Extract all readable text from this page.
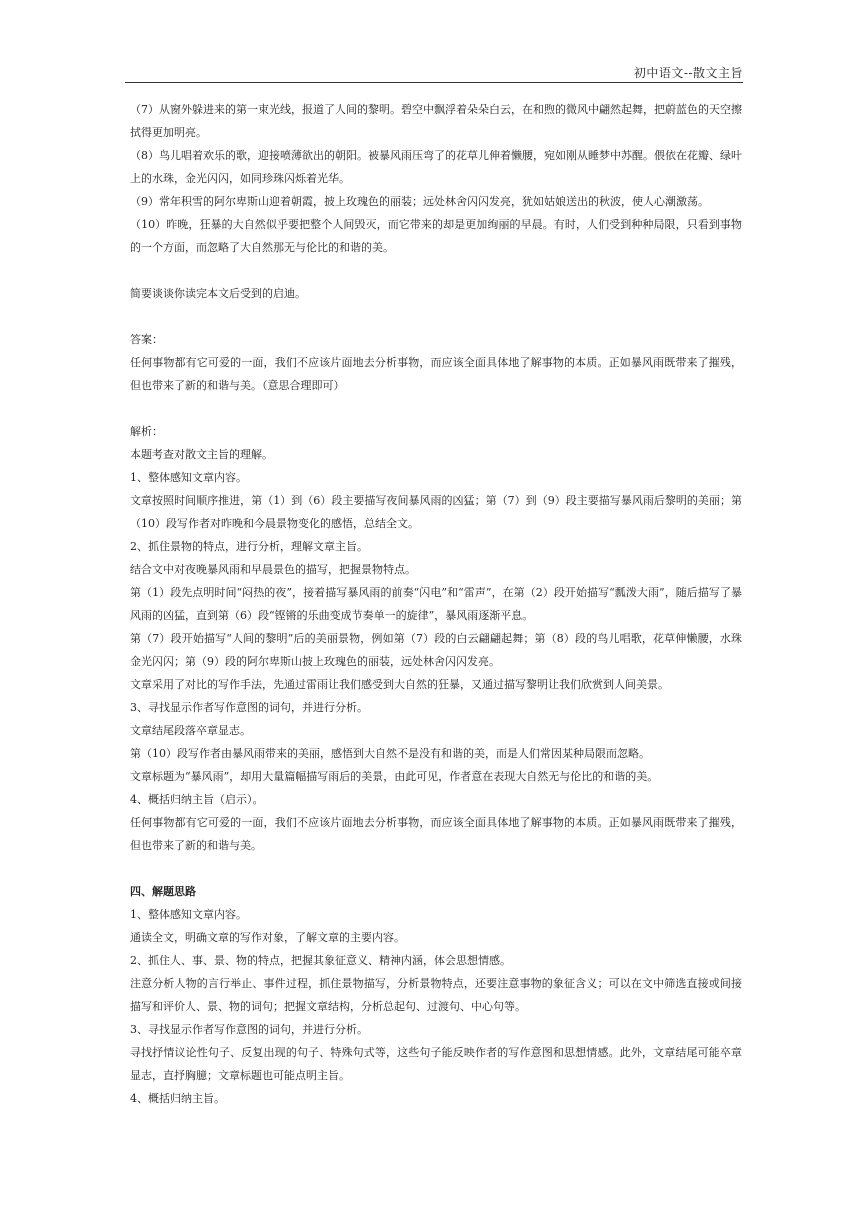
初中语文--散文主旨

（7）从窗外躲进来的第一束光线，报道了人间的黎明。碧空中飘浮着朵朵白云，在和煦的微风中翩然起舞，把蔚蓝色的天空擦拭得更加明亮。

（8）鸟儿唱着欢乐的歌，迎接喷薄欲出的朝阳。被暴风雨压弯了的花草儿伸着懒腰，宛如刚从睡梦中苏醒。偎依在花瓣、绿叶上的水珠，金光闪闪，如同珍珠闪烁着光华。

（9）常年积雪的阿尔卑斯山迎着朝霞，披上玫瑰色的丽装；远处林舍闪闪发亮，犹如姑娘送出的秋波，使人心潮激荡。

（10）昨晚，狂暴的大自然似乎要把整个人间毁灭，而它带来的却是更加绚丽的早晨。有时，人们受到种种局限，只看到事物的一个方面，而忽略了大自然那无与伦比的和谐的美。

简要谈谈你读完本文后受到的启迪。

答案：

任何事物都有它可爱的一面，我们不应该片面地去分析事物，而应该全面具体地了解事物的本质。正如暴风雨既带来了摧残，但也带来了新的和谐与美。（意思合理即可）

解析：

本题考查对散文主旨的理解。

1、整体感知文章内容。

文章按照时间顺序推进，第（1）到（6）段主要描写夜间暴风雨的凶猛；第（7）到（9）段主要描写暴风雨后黎明的美丽；第（10）段写作者对昨晚和今晨景物变化的感悟，总结全文。

2、抓住景物的特点，进行分析，理解文章主旨。

结合文中对夜晚暴风雨和早晨景色的描写，把握景物特点。

第（1）段先点明时间“闷热的夜”，接着描写暴风雨的前奏“闪电”和“雷声”，在第（2）段开始描写“瓢泼大雨”，随后描写了暴风雨的凶猛，直到第（6）段“铿锵的乐曲变成节奏单一的旋律”，暴风雨逐渐平息。

第（7）段开始描写“人间的黎明”后的美丽景物，例如第（7）段的白云翩翩起舞；第（8）段的鸟儿唱歌，花草伸懒腰，水珠金光闪闪；第（9）段的阿尔卑斯山披上玫瑰色的丽装，远处林舍闪闪发亮。

文章采用了对比的写作手法，先通过雷雨让我们感受到大自然的狂暴，又通过描写黎明让我们欣赏到人间美景。

3、寻找显示作者写作意图的词句，并进行分析。

文章结尾段落卒章显志。

第（10）段写作者由暴风雨带来的美丽，感悟到大自然不是没有和谐的美，而是人们常因某种局限而忽略。

文章标题为“暴风雨”，却用大量篇幅描写雨后的美景，由此可见，作者意在表现大自然无与伦比的和谐的美。

4、概括归纳主旨（启示）。

任何事物都有它可爱的一面，我们不应该片面地去分析事物，而应该全面具体地了解事物的本质。正如暴风雨既带来了摧残，但也带来了新的和谐与美。

四、解题思路

1、整体感知文章内容。

通读全文，明确文章的写作对象，了解文章的主要内容。

2、抓住人、事、景、物的特点，把握其象征意义、精神内涵，体会思想情感。

注意分析人物的言行举止、事件过程，抓住景物描写，分析景物特点，还要注意事物的象征含义；可以在文中筛选直接或间接描写和评价人、景、物的词句；把握文章结构，分析总起句、过渡句、中心句等。

3、寻找显示作者写作意图的词句，并进行分析。

寻找抒情议论性句子、反复出现的句子、特殊句式等，这些句子能反映作者的写作意图和思想情感。此外，文章结尾可能卒章显志，直抒胸臆；文章标题也可能点明主旨。

4、概括归纳主旨。
